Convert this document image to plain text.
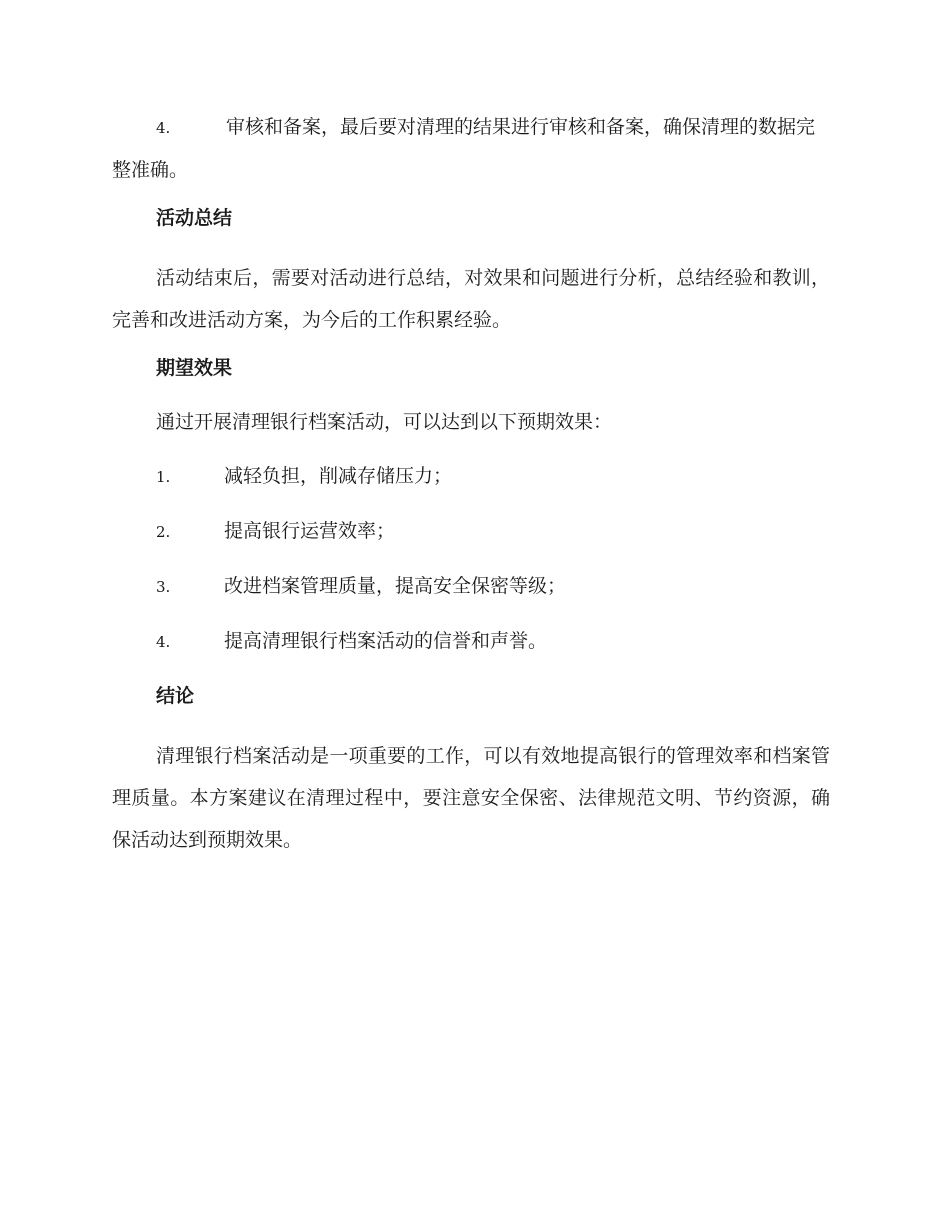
4.	审核和备案，最后要对清理的结果进行审核和备案，确保清理的数据完整准确。

活动总结

活动结束后，需要对活动进行总结，对效果和问题进行分析，总结经验和教训，完善和改进活动方案，为今后的工作积累经验。

期望效果

通过开展清理银行档案活动，可以达到以下预期效果：

1.	减轻负担，削减存储压力；
2.	提高银行运营效率；
3.	改进档案管理质量，提高安全保密等级；
4.	提高清理银行档案活动的信誉和声誉。
结论

清理银行档案活动是一项重要的工作，可以有效地提高银行的管理效率和档案管理质量。本方案建议在清理过程中，要注意安全保密、法律规范文明、节约资源，确保活动达到预期效果。
